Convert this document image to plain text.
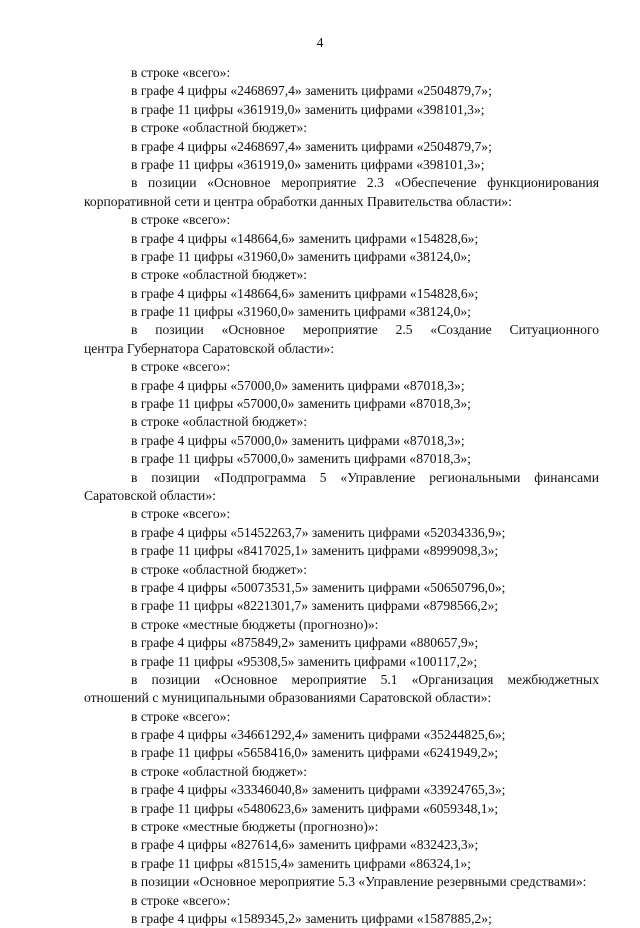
4
в строке «всего»:
в графе 4 цифры «2468697,4» заменить цифрами «2504879,7»;
в графе 11 цифры «361919,0» заменить цифрами «398101,3»;
в строке «областной бюджет»:
в графе 4 цифры «2468697,4» заменить цифрами «2504879,7»;
в графе 11 цифры «361919,0» заменить цифрами «398101,3»;
в позиции «Основное мероприятие 2.3 «Обеспечение функционирования
корпоративной сети и центра обработки данных Правительства области»:
в строке «всего»:
в графе 4 цифры «148664,6» заменить цифрами «154828,6»;
в графе 11 цифры «31960,0» заменить цифрами «38124,0»;
в строке «областной бюджет»:
в графе 4 цифры «148664,6» заменить цифрами «154828,6»;
в графе 11 цифры «31960,0» заменить цифрами «38124,0»;
в позиции «Основное мероприятие 2.5 «Создание Ситуационного
центра Губернатора Саратовской области»:
в строке «всего»:
в графе 4 цифры «57000,0» заменить цифрами «87018,3»;
в графе 11 цифры «57000,0» заменить цифрами «87018,3»;
в строке «областной бюджет»:
в графе 4 цифры «57000,0» заменить цифрами «87018,3»;
в графе 11 цифры «57000,0» заменить цифрами «87018,3»;
в позиции «Подпрограмма 5 «Управление региональными финансами
Саратовской области»:
в строке «всего»:
в графе 4 цифры «51452263,7» заменить цифрами «52034336,9»;
в графе 11 цифры «8417025,1» заменить цифрами «8999098,3»;
в строке «областной бюджет»:
в графе 4 цифры «50073531,5» заменить цифрами «50650796,0»;
в графе 11 цифры «8221301,7» заменить цифрами «8798566,2»;
в строке «местные бюджеты (прогнозно)»:
в графе 4 цифры «875849,2» заменить цифрами «880657,9»;
в графе 11 цифры «95308,5» заменить цифрами «100117,2»;
в позиции «Основное мероприятие 5.1 «Организация межбюджетных
отношений с муниципальными образованиями Саратовской области»:
в строке «всего»:
в графе 4 цифры «34661292,4» заменить цифрами «35244825,6»;
в графе 11 цифры «5658416,0» заменить цифрами «6241949,2»;
в строке «областной бюджет»:
в графе 4 цифры «33346040,8» заменить цифрами «33924765,3»;
в графе 11 цифры «5480623,6» заменить цифрами «6059348,1»;
в строке «местные бюджеты (прогнозно)»:
в графе 4 цифры «827614,6» заменить цифрами «832423,3»;
в графе 11 цифры «81515,4» заменить цифрами «86324,1»;
в позиции «Основное мероприятие 5.3 «Управление резервными средствами»:
в строке «всего»:
в графе 4 цифры «1589345,2» заменить цифрами «1587885,2»;
